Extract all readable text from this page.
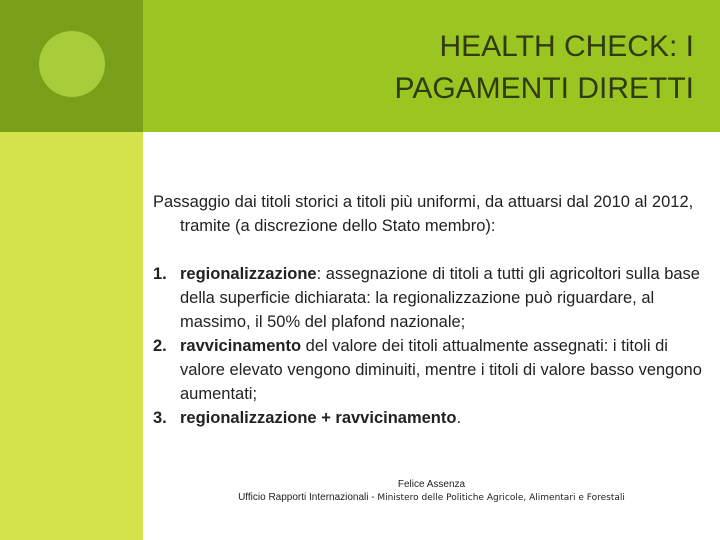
HEALTH CHECK: I
PAGAMENTI DIRETTI

Passaggio dai titoli storici a titoli più uniformi, da attuarsi dal 2010 al 2012, tramite (a discrezione dello Stato membro):

1. regionalizzazione: assegnazione di titoli a tutti gli agricoltori sulla base della superficie dichiarata: la regionalizzazione può riguardare, al massimo, il 50% del plafond nazionale;
2. ravvicinamento del valore dei titoli attualmente assegnati: i titoli di valore elevato vengono diminuiti, mentre i titoli di valore basso vengono aumentati;
3. regionalizzazione + ravvicinamento.
Felice Assenza
Ufficio Rapporti Internazionali - Ministero delle Politiche Agricole, Alimentari e Forestali
